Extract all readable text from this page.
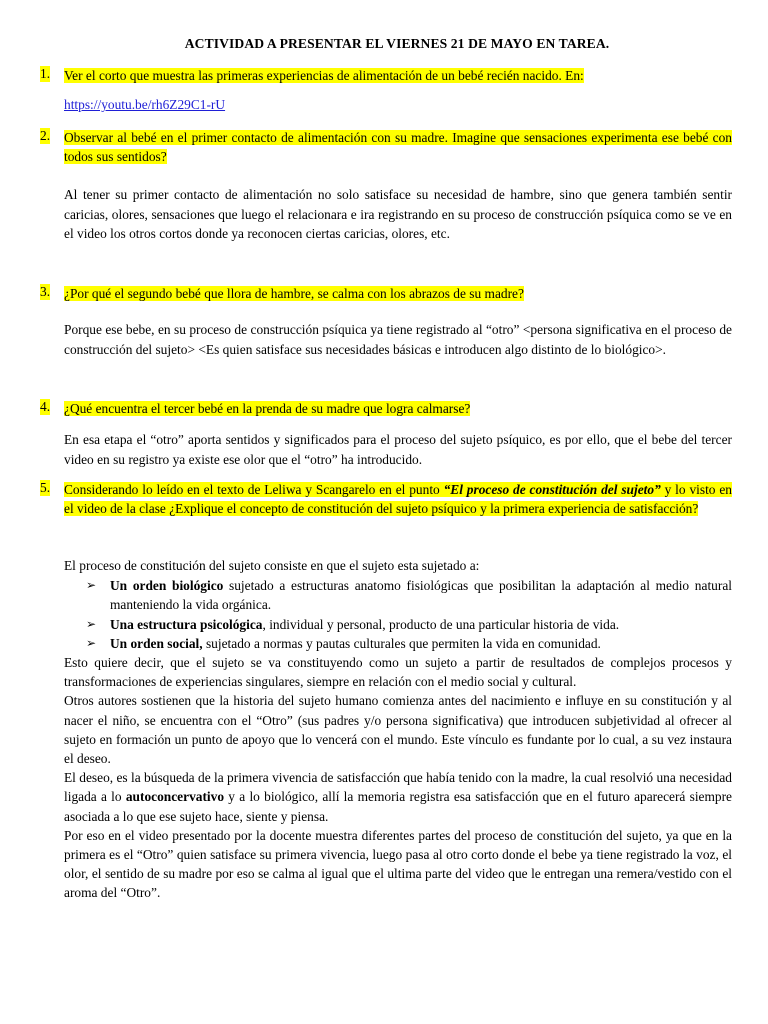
ACTIVIDAD A PRESENTAR EL VIERNES 21 DE MAYO EN TAREA.
1. Ver el corto que muestra las primeras experiencias de alimentación de un bebé recién nacido. En:
https://youtu.be/rh6Z29C1-rU
2. Observar al bebé en el primer contacto de alimentación con su madre. Imagine que sensaciones experimenta ese bebé con todos sus sentidos?
Al tener su primer contacto de alimentación no solo satisface su necesidad de hambre, sino que genera también sentir caricias, olores, sensaciones que luego el relacionara e ira registrando en su proceso de construcción psíquica como se ve en el video los otros cortos donde ya reconocen ciertas caricias, olores, etc.
3. ¿Por qué el segundo bebé que llora de hambre, se calma con los abrazos de su madre?
Porque ese bebe, en su proceso de construcción psíquica ya tiene registrado al “otro” <persona significativa en el proceso de construcción del sujeto> <Es quien satisface sus necesidades básicas e introducen algo distinto de lo biológico>.
4. ¿Qué encuentra el tercer bebé en la prenda de su madre que logra calmarse?
En esa etapa el “otro” aporta sentidos y significados para el proceso del sujeto psíquico, es por ello, que el bebe del tercer video en su registro ya existe ese olor que el “otro” ha introducido.
5. Considerando lo leído en el texto de Leliwa y Scangarelo en el punto “El proceso de constitución del sujeto” y lo visto en el video de la clase ¿Explique el concepto de constitución del sujeto psíquico y la primera experiencia de satisfacción?
El proceso de constitución del sujeto consiste en que el sujeto esta sujetado a:
➢ Un orden biológico sujetado a estructuras anatomo fisiológicas que posibilitan la adaptación al medio natural manteniendo la vida orgánica.
➢ Una estructura psicológica, individual y personal, producto de una particular historia de vida.
➢ Un orden social, sujetado a normas y pautas culturales que permiten la vida en comunidad.
Esto quiere decir, que el sujeto se va constituyendo como un sujeto a partir de resultados de complejos procesos y transformaciones de experiencias singulares, siempre en relación con el medio social y cultural.
Otros autores sostienen que la historia del sujeto humano comienza antes del nacimiento e influye en su constitución y al nacer el niño, se encuentra con el “Otro” (sus padres y/o persona significativa) que introducen subjetividad al ofrecer al sujeto en formación un punto de apoyo que lo vencerá con el mundo. Este vínculo es fundante por lo cual, a su vez instaura el deseo.
El deseo, es la búsqueda de la primera vivencia de satisfacción que había tenido con la madre, la cual resolvió una necesidad ligada a lo autoconcervativo y a lo biológico, allí la memoria registra esa satisfacción que en el futuro aparecerá siempre asociada a lo que ese sujeto hace, siente y piensa.
Por eso en el video presentado por la docente muestra diferentes partes del proceso de constitución del sujeto, ya que en la primera es el “Otro” quien satisface su primera vivencia, luego pasa al otro corto donde el bebe ya tiene registrado la voz, el olor, el sentido de su madre por eso se calma al igual que el ultima parte del video que le entregan una remera/vestido con el aroma del “Otro”.
